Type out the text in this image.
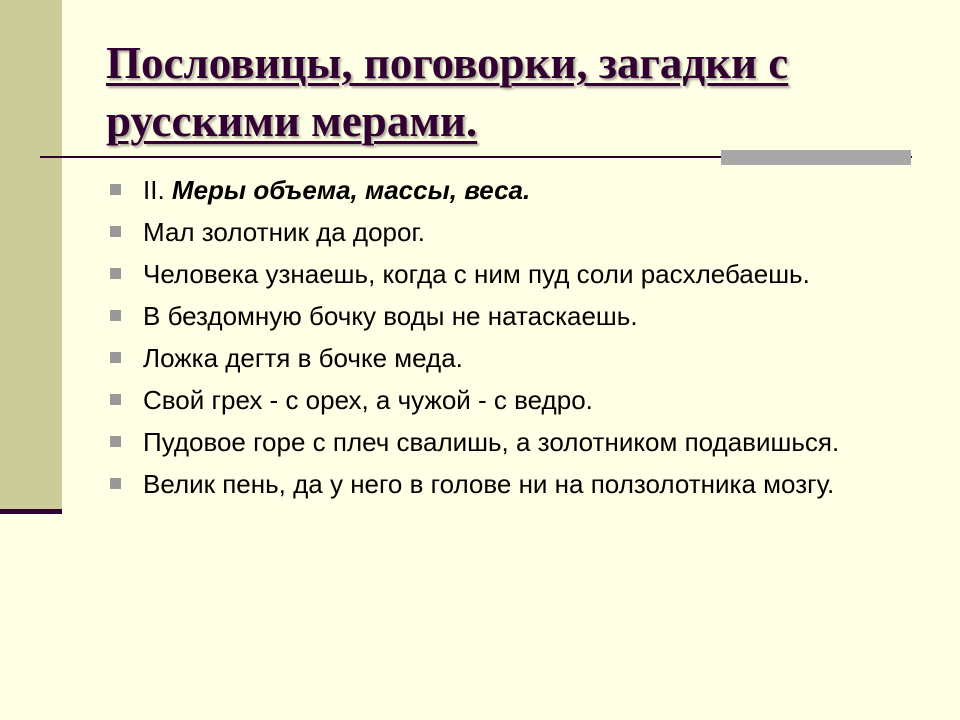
Пословицы, поговорки, загадки с русскими мерами.
II. Меры объема, массы, веса.
Мал золотник да дорог.
Человека узнаешь, когда с ним пуд соли расхлебаешь.
В бездомную бочку воды не натаскаешь.
Ложка дегтя в бочке меда.
Свой грех - с орех, а чужой - с ведро.
Пудовое горе с плеч свалишь, а золотником подавишься.
Велик пень, да у него в голове ни на ползолотника мозгу.
